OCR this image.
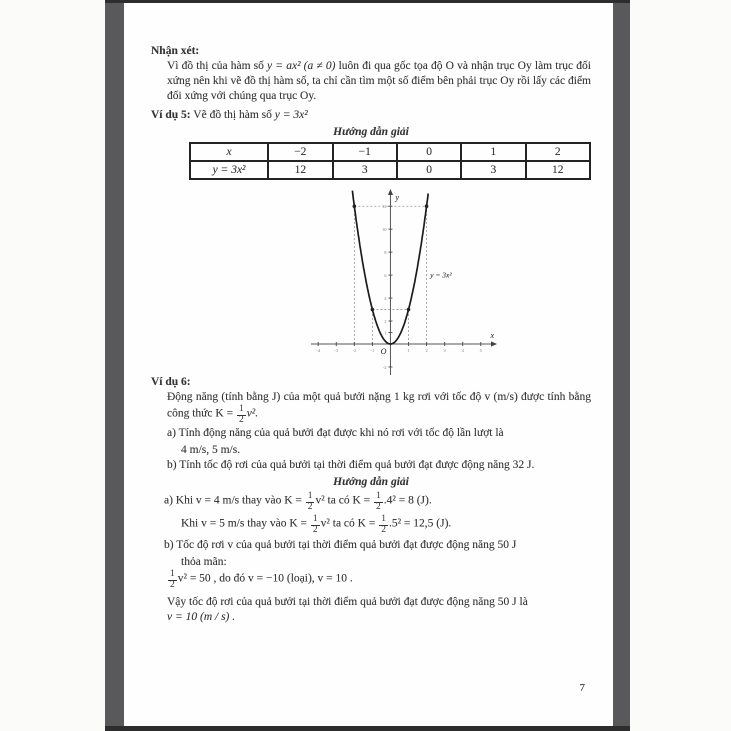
Nhận xét:

Vì đồ thị của hàm số y = ax² (a ≠ 0) luôn đi qua gốc tọa độ O và nhận trục Oy làm trục đối xứng nên khi vẽ đồ thị hàm số, ta chỉ cần tìm một số điểm bên phải trục Oy rồi lấy các điểm đối xứng với chúng qua trục Oy.

Ví dụ 5: Vẽ đồ thị hàm số y = 3x²

Hướng dẫn giải
x	−2	−1	0	1	2
y = 3x²	12	3	0	3	12
-4	-3	-2	-1	1	2	3	4	5
-2
1
2
4
6
8
10
12
y
x
O
y = 3x²
Ví dụ 6:

Động năng (tính bằng J) của một quả bưởi nặng 1 kg rơi với tốc độ v (m/s) được tính bằng công thức $K = \frac{1}{2} v^2$.

a) Tính động năng của quả bưởi đạt được khi nó rơi với tốc độ lần lượt là

4 m/s, 5 m/s.

b) Tính tốc độ rơi của quả bưởi tại thời điểm quả bưởi đạt được động năng 32 J.

Hướng dẫn giải

a) Khi v = 4 m/s thay vào $K = \frac{1}{2} v^2$ ta có $K = \frac{1}{2} .4^2 = 8$ (J).

Khi v = 5 m/s thay vào $K = \frac{1}{2} v^2$ ta có $K = \frac{1}{2} .5^2 = 12,5$ (J).

b) Tốc độ rơi v của quả bưởi tại thời điểm quả bưởi đạt được động năng 50 J

thỏa mãn:

$\frac{1}{2} v^2 = 50$ , do đó v = −10 (loại), v = 10 .

Vậy tốc độ rơi của quả bưởi tại thời điểm quả bưởi đạt được động năng 50 J là

v = 10 (m / s) .

7
